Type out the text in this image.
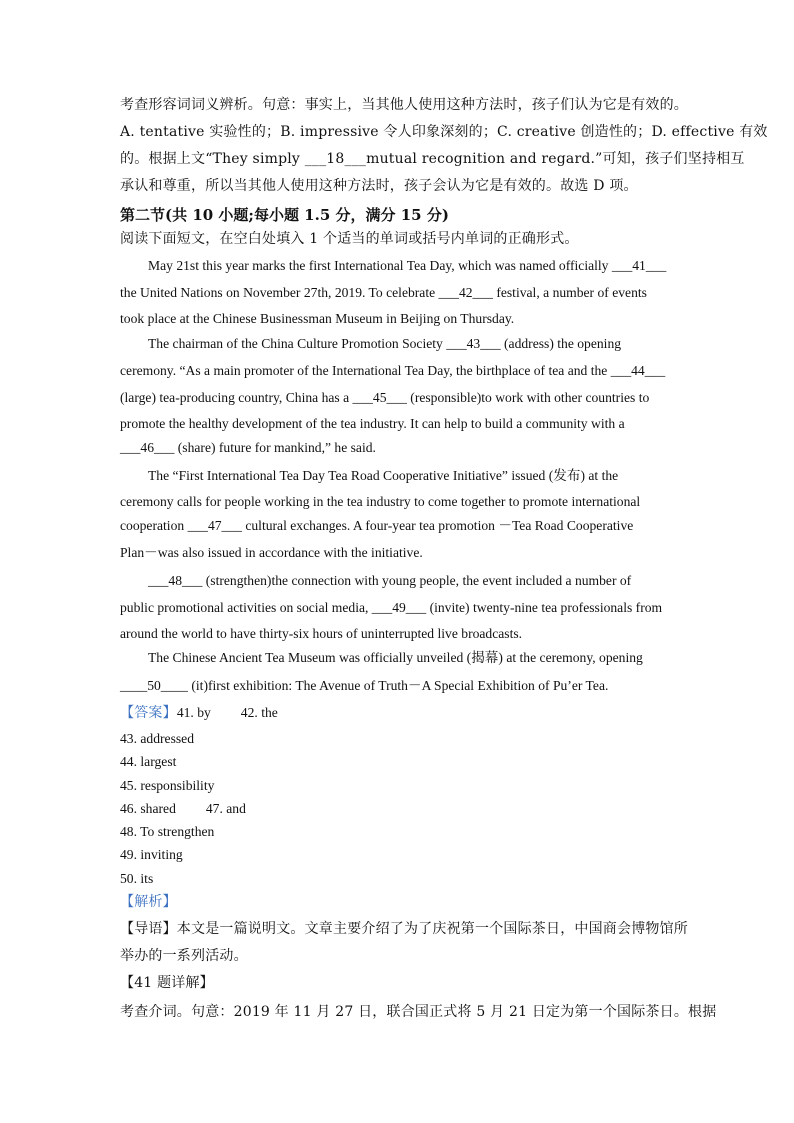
考查形容词词义辨析。句意：事实上，当其他人使用这种方法时，孩子们认为它是有效的。
A. tentative 实验性的；B. impressive 令人印象深刻的；C. creative 创造性的；D. effective 有效
的。根据上文“They simply ___18___mutual recognition and regard.”可知，孩子们坚持相互
承认和尊重，所以当其他人使用这种方法时，孩子会认为它是有效的。故选 D 项。
第二节(共 10 小题;每小题 1.5 分，满分 15 分)
阅读下面短文，在空白处填入 1 个适当的单词或括号内单词的正确形式。
May 21st this year marks the first International Tea Day, which was named officially ___41___
the United Nations on November 27th, 2019. To celebrate ___42___ festival, a number of events
took place at the Chinese Businessman Museum in Beijing on Thursday.
The chairman of the China Culture Promotion Society ___43___ (address) the opening
ceremony. “As a main promoter of the International Tea Day, the birthplace of tea and the ___44___
(large) tea-producing country, China has a ___45___ (responsible)to work with other countries to
promote the healthy development of the tea industry. It can help to build a community with a
___46___ (share) future for mankind,” he said.
The “First International Tea Day Tea Road Cooperative Initiative” issued (发布) at the
ceremony calls for people working in the tea industry to come together to promote international
cooperation ___47___ cultural exchanges. A four-year tea promotion －Tea Road Cooperative
Plan－was also issued in accordance with the initiative.
___48___ (strengthen)the connection with young people, the event included a number of
public promotional activities on social media, ___49___ (invite) twenty-nine tea professionals from
around the world to have thirty-six hours of uninterrupted live broadcasts.
The Chinese Ancient Tea Museum was officially unveiled (揭幕) at the ceremony, opening
____50____ (it)first exhibition: The Avenue of Truth－A Special Exhibition of Pu’er Tea.
【答案】41. by 42. the
43. addressed
44. largest
45. responsibility
46. shared 47. and
48. To strengthen
49. inviting
50. its
【解析】
【导语】本文是一篇说明文。文章主要介绍了为了庆祝第一个国际茶日，中国商会博物馆所
举办的一系列活动。
【41 题详解】
考查介词。句意：2019 年 11 月 27 日，联合国正式将 5 月 21 日定为第一个国际茶日。根据
